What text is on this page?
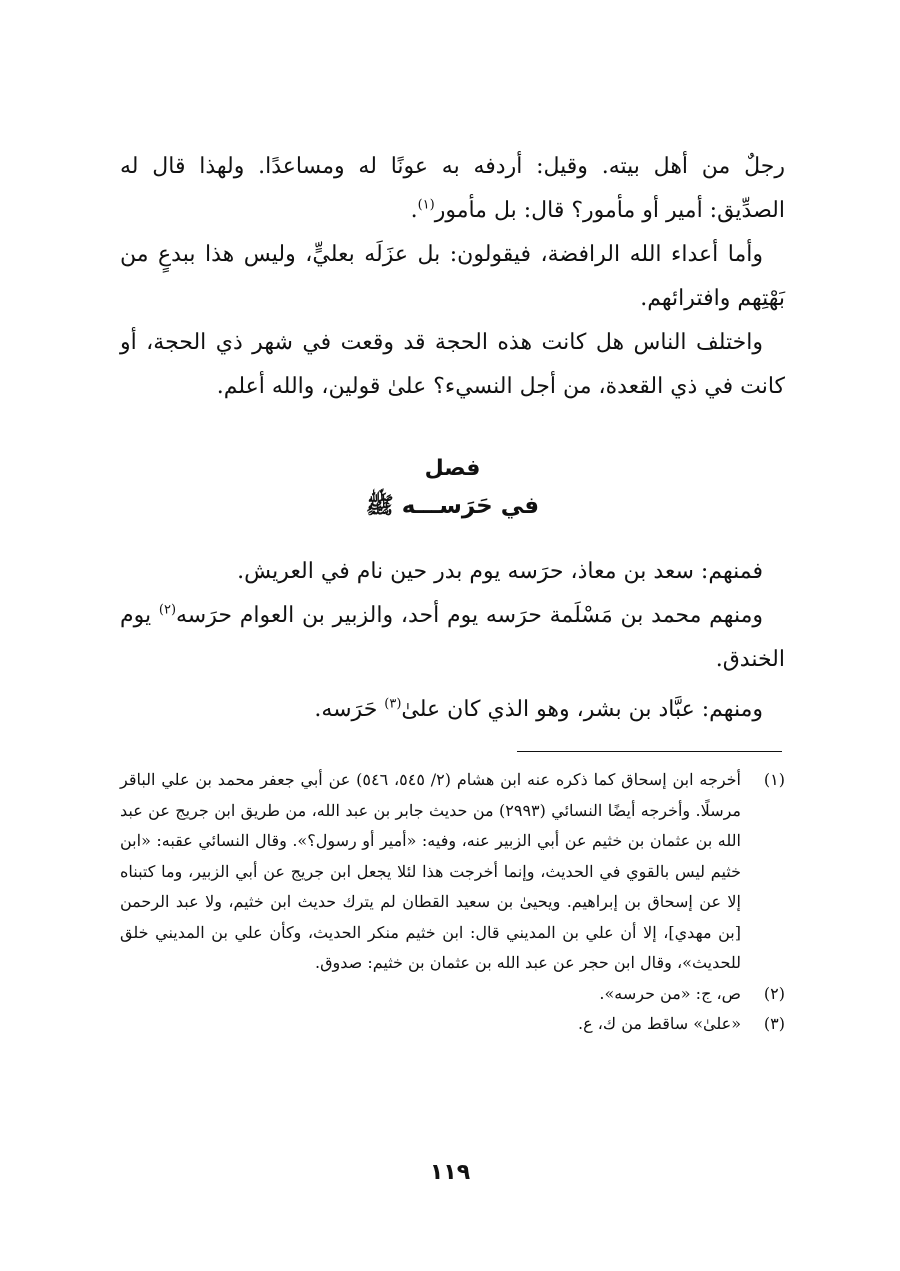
رجلٌ من أهل بيته. وقيل: أردفه به عونًا له ومساعدًا. ولهذا قال له الصدِّيق: أمير أو مأمور؟ قال: بل مأمور$^{(١)}$.

وأما أعداء الله الرافضة، فيقولون: بل عزَلَه بعليٍّ، وليس هذا ببدعٍ من بَهْتِهم وافترائهم.

واختلف الناس هل كانت هذه الحجة قد وقعت في شهر ذي الحجة، أو كانت في ذي القعدة، من أجل النسيء؟ علىٰ قولين، والله أعلم.

فصل
في حَرَســـه ﷺ

فمنهم: سعد بن معاذ، حرَسه يوم بدر حين نام في العريش.

ومنهم محمد بن مَسْلَمة حرَسه يوم أحد، والزبير بن العوام حرَسه$^{(٢)}$ يوم الخندق.

ومنهم: عبَّاد بن بشر، وهو الذي كان علىٰ$^{(٣)}$ حَرَسه.

(١)
أخرجه ابن إسحاق كما ذكره عنه ابن هشام (٢/ ٥٤٥، ٥٤٦) عن أبي جعفر محمد بن علي الباقر مرسلًا. وأخرجه أيضًا النسائي (٢٩٩٣) من حديث جابر بن عبد الله، من طريق ابن جريج عن عبد الله بن عثمان بن خثيم عن أبي الزبير عنه، وفيه: «أمير أو رسول؟». وقال النسائي عقبه: «ابن خثيم ليس بالقوي في الحديث، وإنما أخرجت هذا لئلا يجعل ابن جريج عن أبي الزبير، وما كتبناه إلا عن إسحاق بن إبراهيم. ويحيىٰ بن سعيد القطان لم يترك حديث ابن خثيم، ولا عبد الرحمن [بن مهدي]، إلا أن علي بن المديني قال: ابن خثيم منكر الحديث، وكأن علي بن المديني خلق للحديث»، وقال ابن حجر عن عبد الله بن عثمان بن خثيم: صدوق.
(٢)
ص، ج: «من حرسه».
(٣)
«علىٰ» ساقط من ك، ع.
١١٩
